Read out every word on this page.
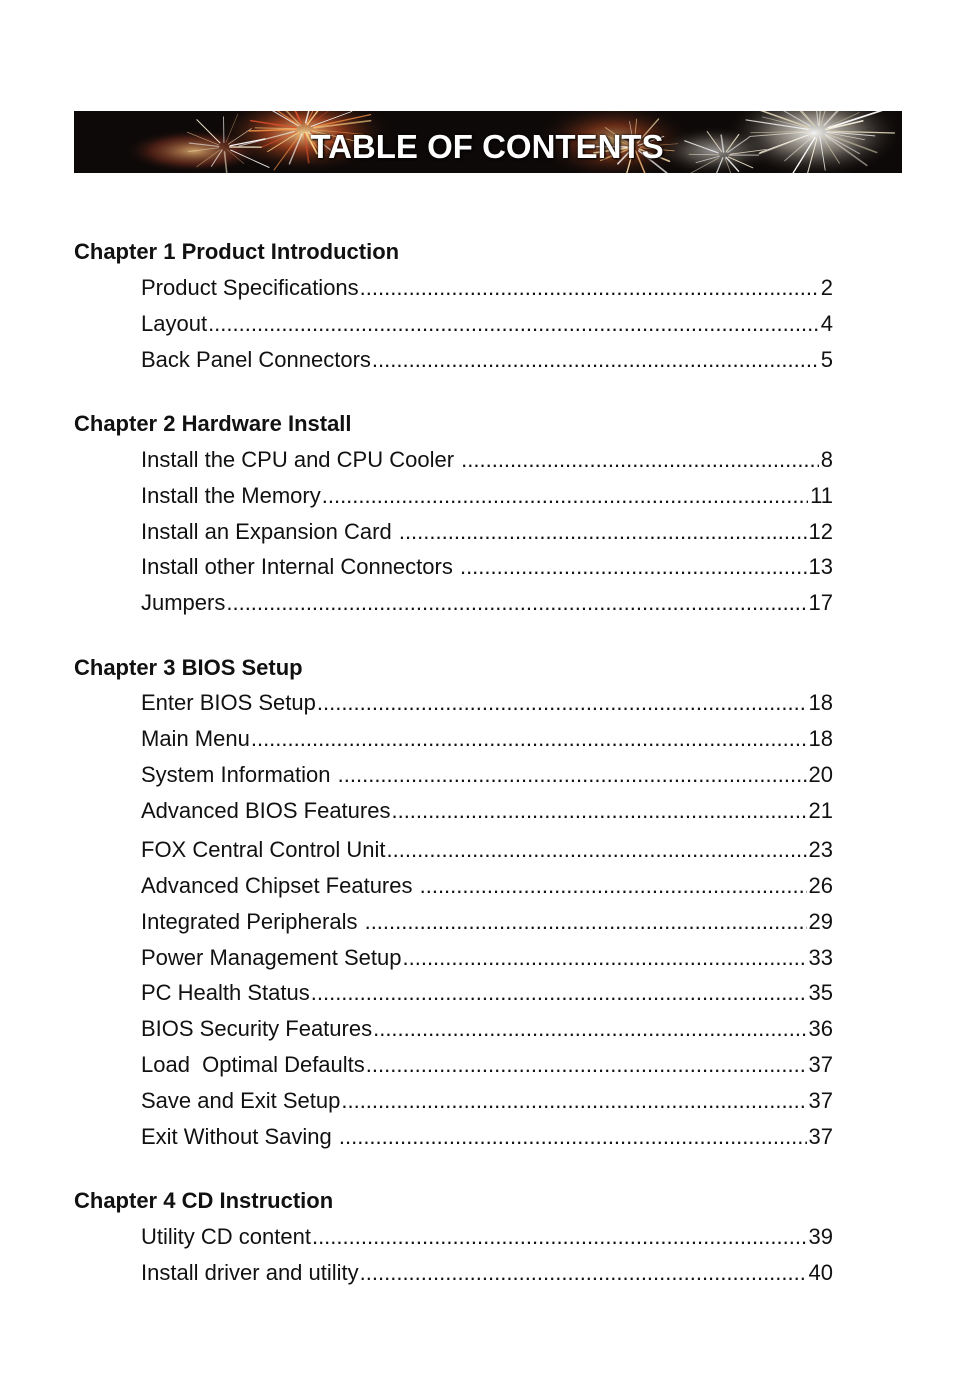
TABLE OF CONTENTS
Chapter 1 Product Introduction
Product Specifications .....	2
Layout .....	4
Back Panel Connectors .....	5
Chapter 2 Hardware Install
Install the CPU and CPU Cooler .....	8
Install the Memory .....	11
Install an Expansion Card .....	12
Install other Internal Connectors .....	13
Jumpers .....	17
Chapter 3 BIOS Setup
Enter BIOS Setup .....	18
Main Menu .....	18
System Information .....	20
Advanced BIOS Features .....	21
FOX Central Control Unit .....	23
Advanced Chipset Features .....	26
Integrated Peripherals .....	29
Power Management Setup .....	33
PC Health Status .....	35
BIOS Security Features .....	36
Load  Optimal Defaults .....	37
Save and Exit Setup .....	37
Exit Without Saving .....	37
Chapter 4 CD Instruction
Utility CD content .....	39
Install driver and utility .....	40
